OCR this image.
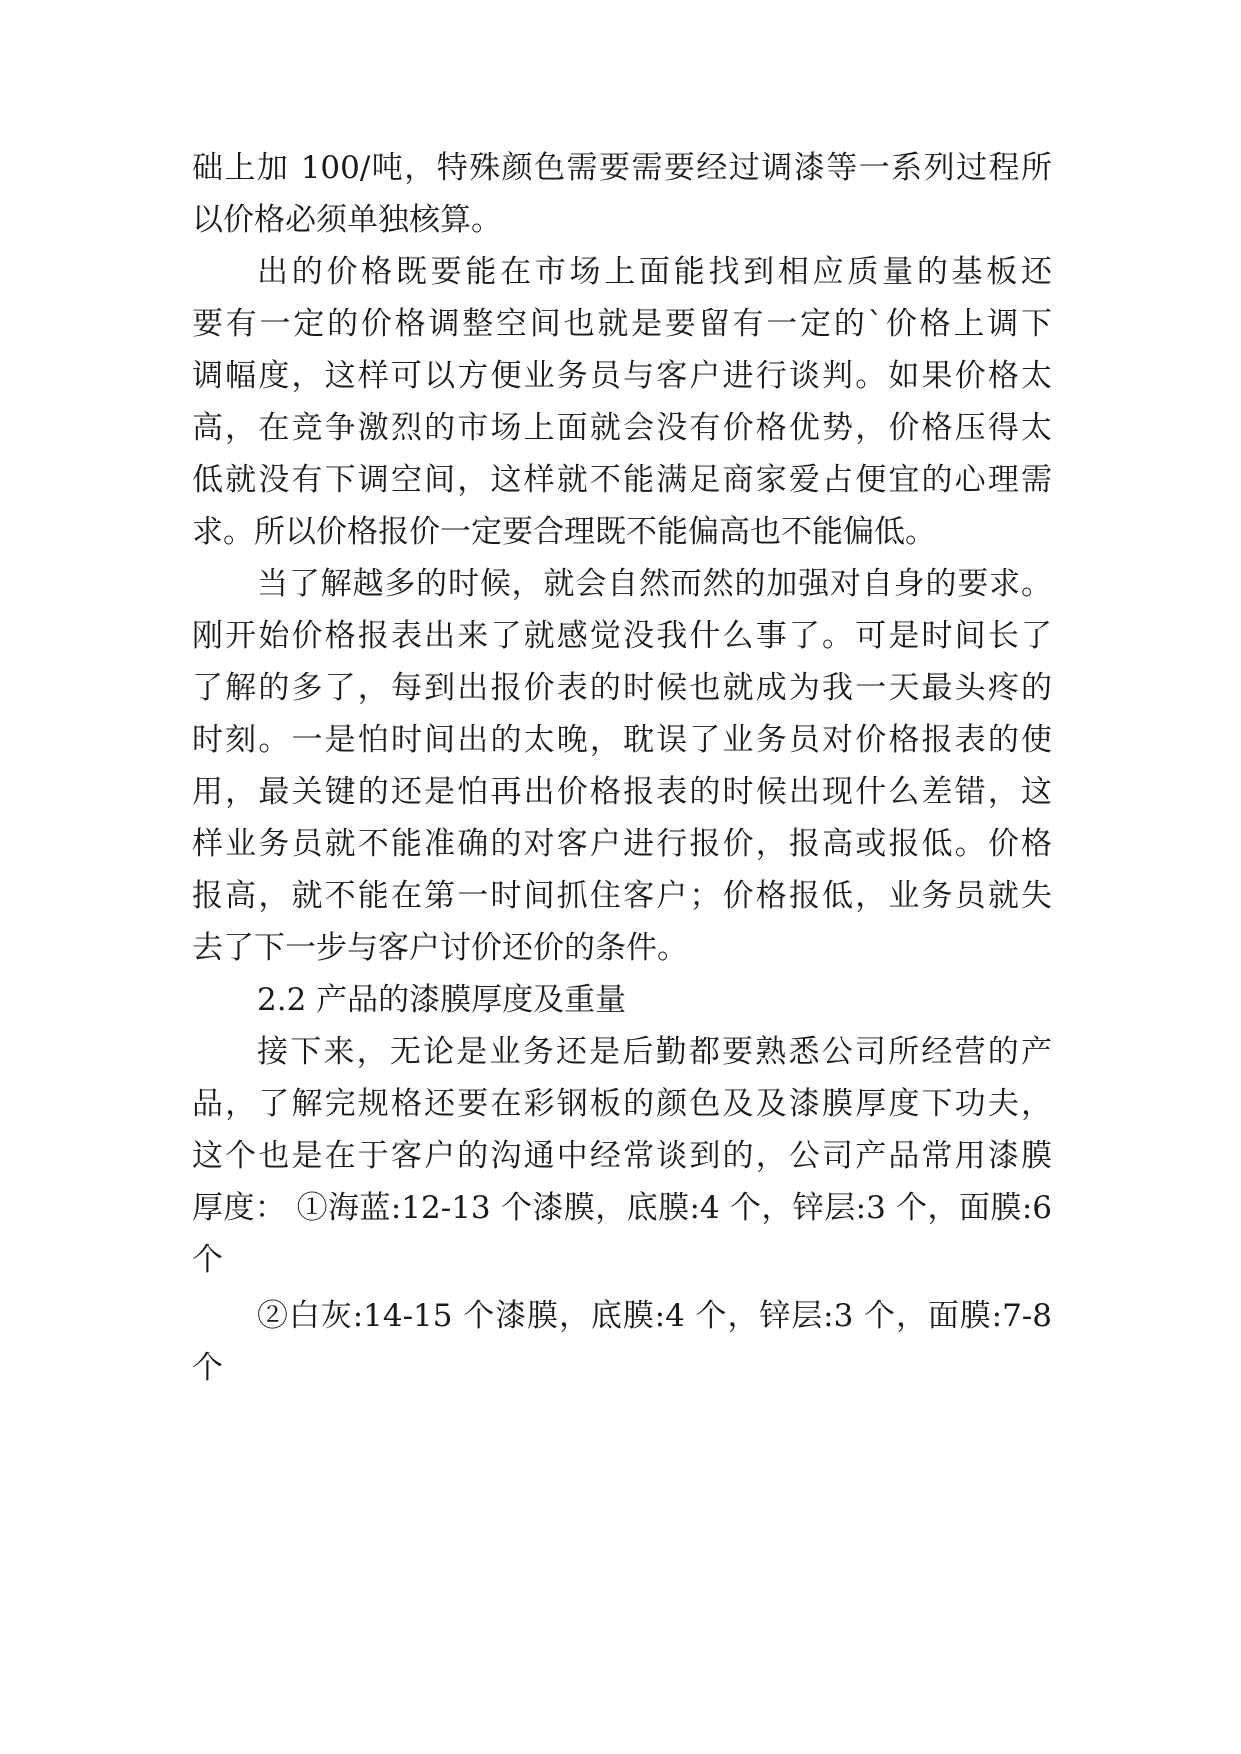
础上加 100/吨，特殊颜色需要需要经过调漆等一系列过程所
以价格必须单独核算。
出的价格既要能在市场上面能找到相应质量的基板还
要有一定的价格调整空间也就是要留有一定的`价格上调下
调幅度，这样可以方便业务员与客户进行谈判。如果价格太
高，在竞争激烈的市场上面就会没有价格优势，价格压得太
低就没有下调空间，这样就不能满足商家爱占便宜的心理需
求。所以价格报价一定要合理既不能偏高也不能偏低。
当了解越多的时候，就会自然而然的加强对自身的要求。
刚开始价格报表出来了就感觉没我什么事了。可是时间长了
了解的多了，每到出报价表的时候也就成为我一天最头疼的
时刻。一是怕时间出的太晚，耽误了业务员对价格报表的使
用，最关键的还是怕再出价格报表的时候出现什么差错，这
样业务员就不能准确的对客户进行报价，报高或报低。价格
报高，就不能在第一时间抓住客户；价格报低，业务员就失
去了下一步与客户讨价还价的条件。
2.2 产品的漆膜厚度及重量
接下来，无论是业务还是后勤都要熟悉公司所经营的产
品，了解完规格还要在彩钢板的颜色及及漆膜厚度下功夫，
这个也是在于客户的沟通中经常谈到的，公司产品常用漆膜
厚度： ①海蓝:12-13 个漆膜，底膜:4 个，锌层:3 个，面膜:6
个
②白灰:14-15 个漆膜，底膜:4 个，锌层:3 个，面膜:7-8
个
